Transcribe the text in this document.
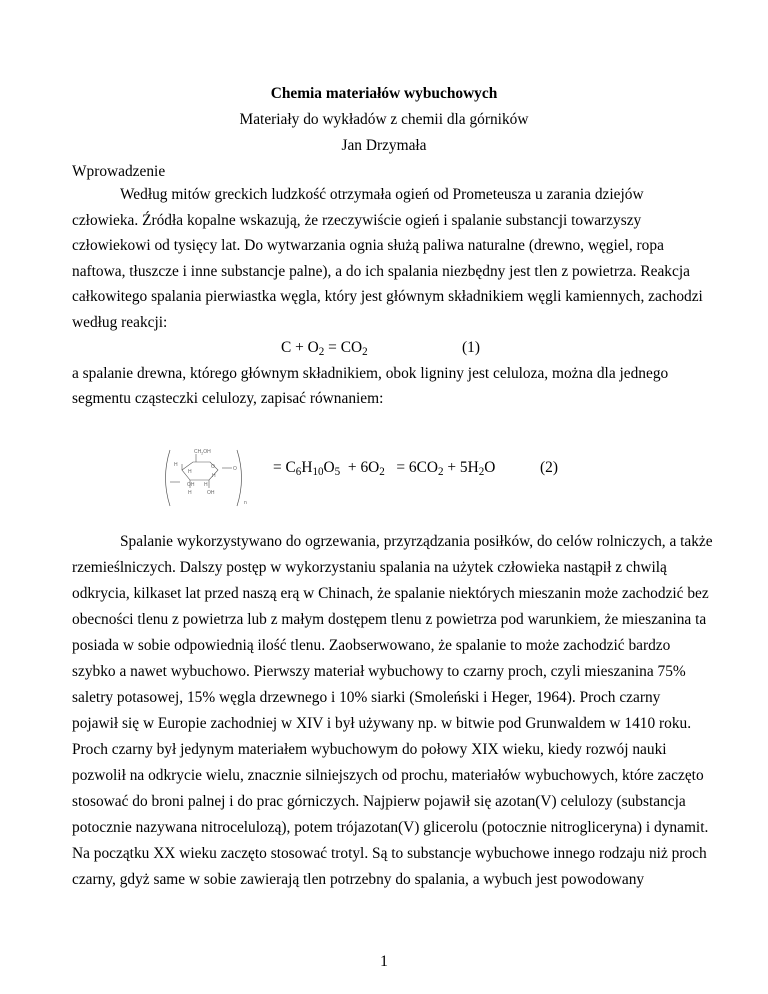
Chemia materiałów wybuchowych
Materiały do wykładów z chemii dla górników
Jan Drzymała
Wprowadzenie
Według mitów greckich ludzkość otrzymała ogień od Prometeusza u zarania dziejów
człowieka. Źródła kopalne wskazują, że rzeczywiście ogień i spalanie substancji towarzyszy
człowiekowi od tysięcy lat. Do wytwarzania ognia służą paliwa naturalne (drewno, węgiel, ropa
naftowa, tłuszcze i inne substancje palne), a do ich spalania niezbędny jest tlen z powietrza. Reakcja
całkowitego spalania pierwiastka węgla, który jest głównym składnikiem węgli kamiennych, zachodzi
według reakcji:
$C + O_2 = CO_2$	(1)
a spalanie drewna, którego głównym składnikiem, obok ligniny jest celuloza, można dla jednego
segmentu cząsteczki celulozy, zapisać równaniem:
$CH_2OH$
H
H
O	O
OH H
H
H	OH
n
= $C_6H_{10}O_5 + 6O_2 = 6CO_2 + 5H_2O$	(2)
Spalanie wykorzystywano do ogrzewania, przyrządzania posiłków, do celów rolniczych, a także
rzemieślniczych. Dalszy postęp w wykorzystaniu spalania na użytek człowieka nastąpił z chwilą
odkrycia, kilkaset lat przed naszą erą w Chinach, że spalanie niektórych mieszanin może zachodzić bez
obecności tlenu z powietrza lub z małym dostępem tlenu z powietrza pod warunkiem, że mieszanina ta
posiada w sobie odpowiednią ilość tlenu. Zaobserwowano, że spalanie to może zachodzić bardzo
szybko a nawet wybuchowo. Pierwszy materiał wybuchowy to czarny proch, czyli mieszanina 75%
saletry potasowej, 15% węgla drzewnego i 10% siarki (Smoleński i Heger, 1964). Proch czarny
pojawił się w Europie zachodniej w XIV i był używany np. w bitwie pod Grunwaldem w 1410 roku.
Proch czarny był jedynym materiałem wybuchowym do połowy XIX wieku, kiedy rozwój nauki
pozwolił na odkrycie wielu, znacznie silniejszych od prochu, materiałów wybuchowych, które zaczęto
stosować do broni palnej i do prac górniczych. Najpierw pojawił się azotan(V) celulozy (substancja
potocznie nazywana nitrocelulozą), potem trójazotan(V) glicerolu (potocznie nitrogliceryna) i dynamit.
Na początku XX wieku zaczęto stosować trotyl. Są to substancje wybuchowe innego rodzaju niż proch
czarny, gdyż same w sobie zawierają tlen potrzebny do spalania, a wybuch jest powodowany
1
